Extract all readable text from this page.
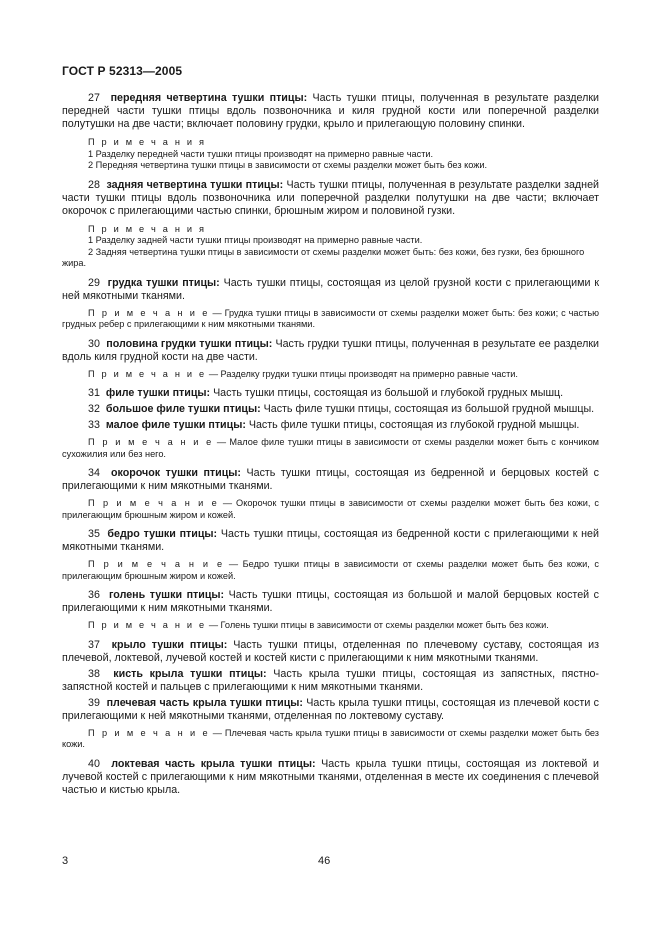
ГОСТ Р 52313—2005

27 передняя четвертина тушки птицы: Часть тушки птицы, полученная в результате разделки передней части тушки птицы вдоль позвоночника и киля грудной кости или поперечной разделки полутушки на две части; включает половину грудки, крыло и прилегающую половину спинки.

П р и м е ч а н и я
1 Разделку передней части тушки птицы производят на примерно равные части.
2 Передняя четвертина тушки птицы в зависимости от схемы разделки может быть без кожи.

28 задняя четвертина тушки птицы: Часть тушки птицы, полученная в результате разделки задней части тушки птицы вдоль позвоночника или поперечной разделки полутушки на две части; включает окорочок с прилегающими частью спинки, брюшным жиром и половиной гузки.

П р и м е ч а н и я
1 Разделку задней части тушки птицы производят на примерно равные части.
2 Задняя четвертина тушки птицы в зависимости от схемы разделки может быть: без кожи, без гузки, без брюшного жира.

29 грудка тушки птицы: Часть тушки птицы, состоящая из целой грузной кости с прилегающими к ней мякотными тканями.

П р и м е ч а н и е — Грудка тушки птицы в зависимости от схемы разделки может быть: без кожи; с частью грудных ребер с прилегающими к ним мякотными тканями.

30 половина грудки тушки птицы: Часть грудки тушки птицы, полученная в результате ее разделки вдоль киля грудной кости на две части.

П р и м е ч а н и е — Разделку грудки тушки птицы производят на примерно равные части.

31 филе тушки птицы: Часть тушки птицы, состоящая из большой и глубокой грудных мышц.

32 большое филе тушки птицы: Часть филе тушки птицы, состоящая из большой грудной мышцы.

33 малое филе тушки птицы: Часть филе тушки птицы, состоящая из глубокой грудной мышцы.

П р и м е ч а н и е — Малое филе тушки птицы в зависимости от схемы разделки может быть с кончиком сухожилия или без него.

34 окорочок тушки птицы: Часть тушки птицы, состоящая из бедренной и берцовых костей с прилегающими к ним мякотными тканями.

П р и м е ч а н и е — Окорочок тушки птицы в зависимости от схемы разделки может быть без кожи, с прилегающим брюшным жиром и кожей.

35 бедро тушки птицы: Часть тушки птицы, состоящая из бедренной кости с прилегающими к ней мякотными тканями.

П р и м е ч а н и е — Бедро тушки птицы в зависимости от схемы разделки может быть без кожи, с прилегающим брюшным жиром и кожей.

36 голень тушки птицы: Часть тушки птицы, состоящая из большой и малой берцовых костей с прилегающими к ним мякотными тканями.

П р и м е ч а н и е — Голень тушки птицы в зависимости от схемы разделки может быть без кожи.

37 крыло тушки птицы: Часть тушки птицы, отделенная по плечевому суставу, состоящая из плечевой, локтевой, лучевой костей и костей кисти с прилегающими к ним мякотными тканями.

38 кисть крыла тушки птицы: Часть крыла тушки птицы, состоящая из запястных, пястно-запястной костей и пальцев с прилегающими к ним мякотными тканями.

39 плечевая часть крыла тушки птицы: Часть крыла тушки птицы, состоящая из плечевой кости с прилегающими к ней мякотными тканями, отделенная по локтевому суставу.

П р и м е ч а н и е — Плечевая часть крыла тушки птицы в зависимости от схемы разделки может быть без кожи.

40 локтевая часть крыла тушки птицы: Часть крыла тушки птицы, состоящая из локтевой и лучевой костей с прилегающими к ним мякотными тканями, отделенная в месте их соединения с плечевой частью и кистью крыла.

3	46
